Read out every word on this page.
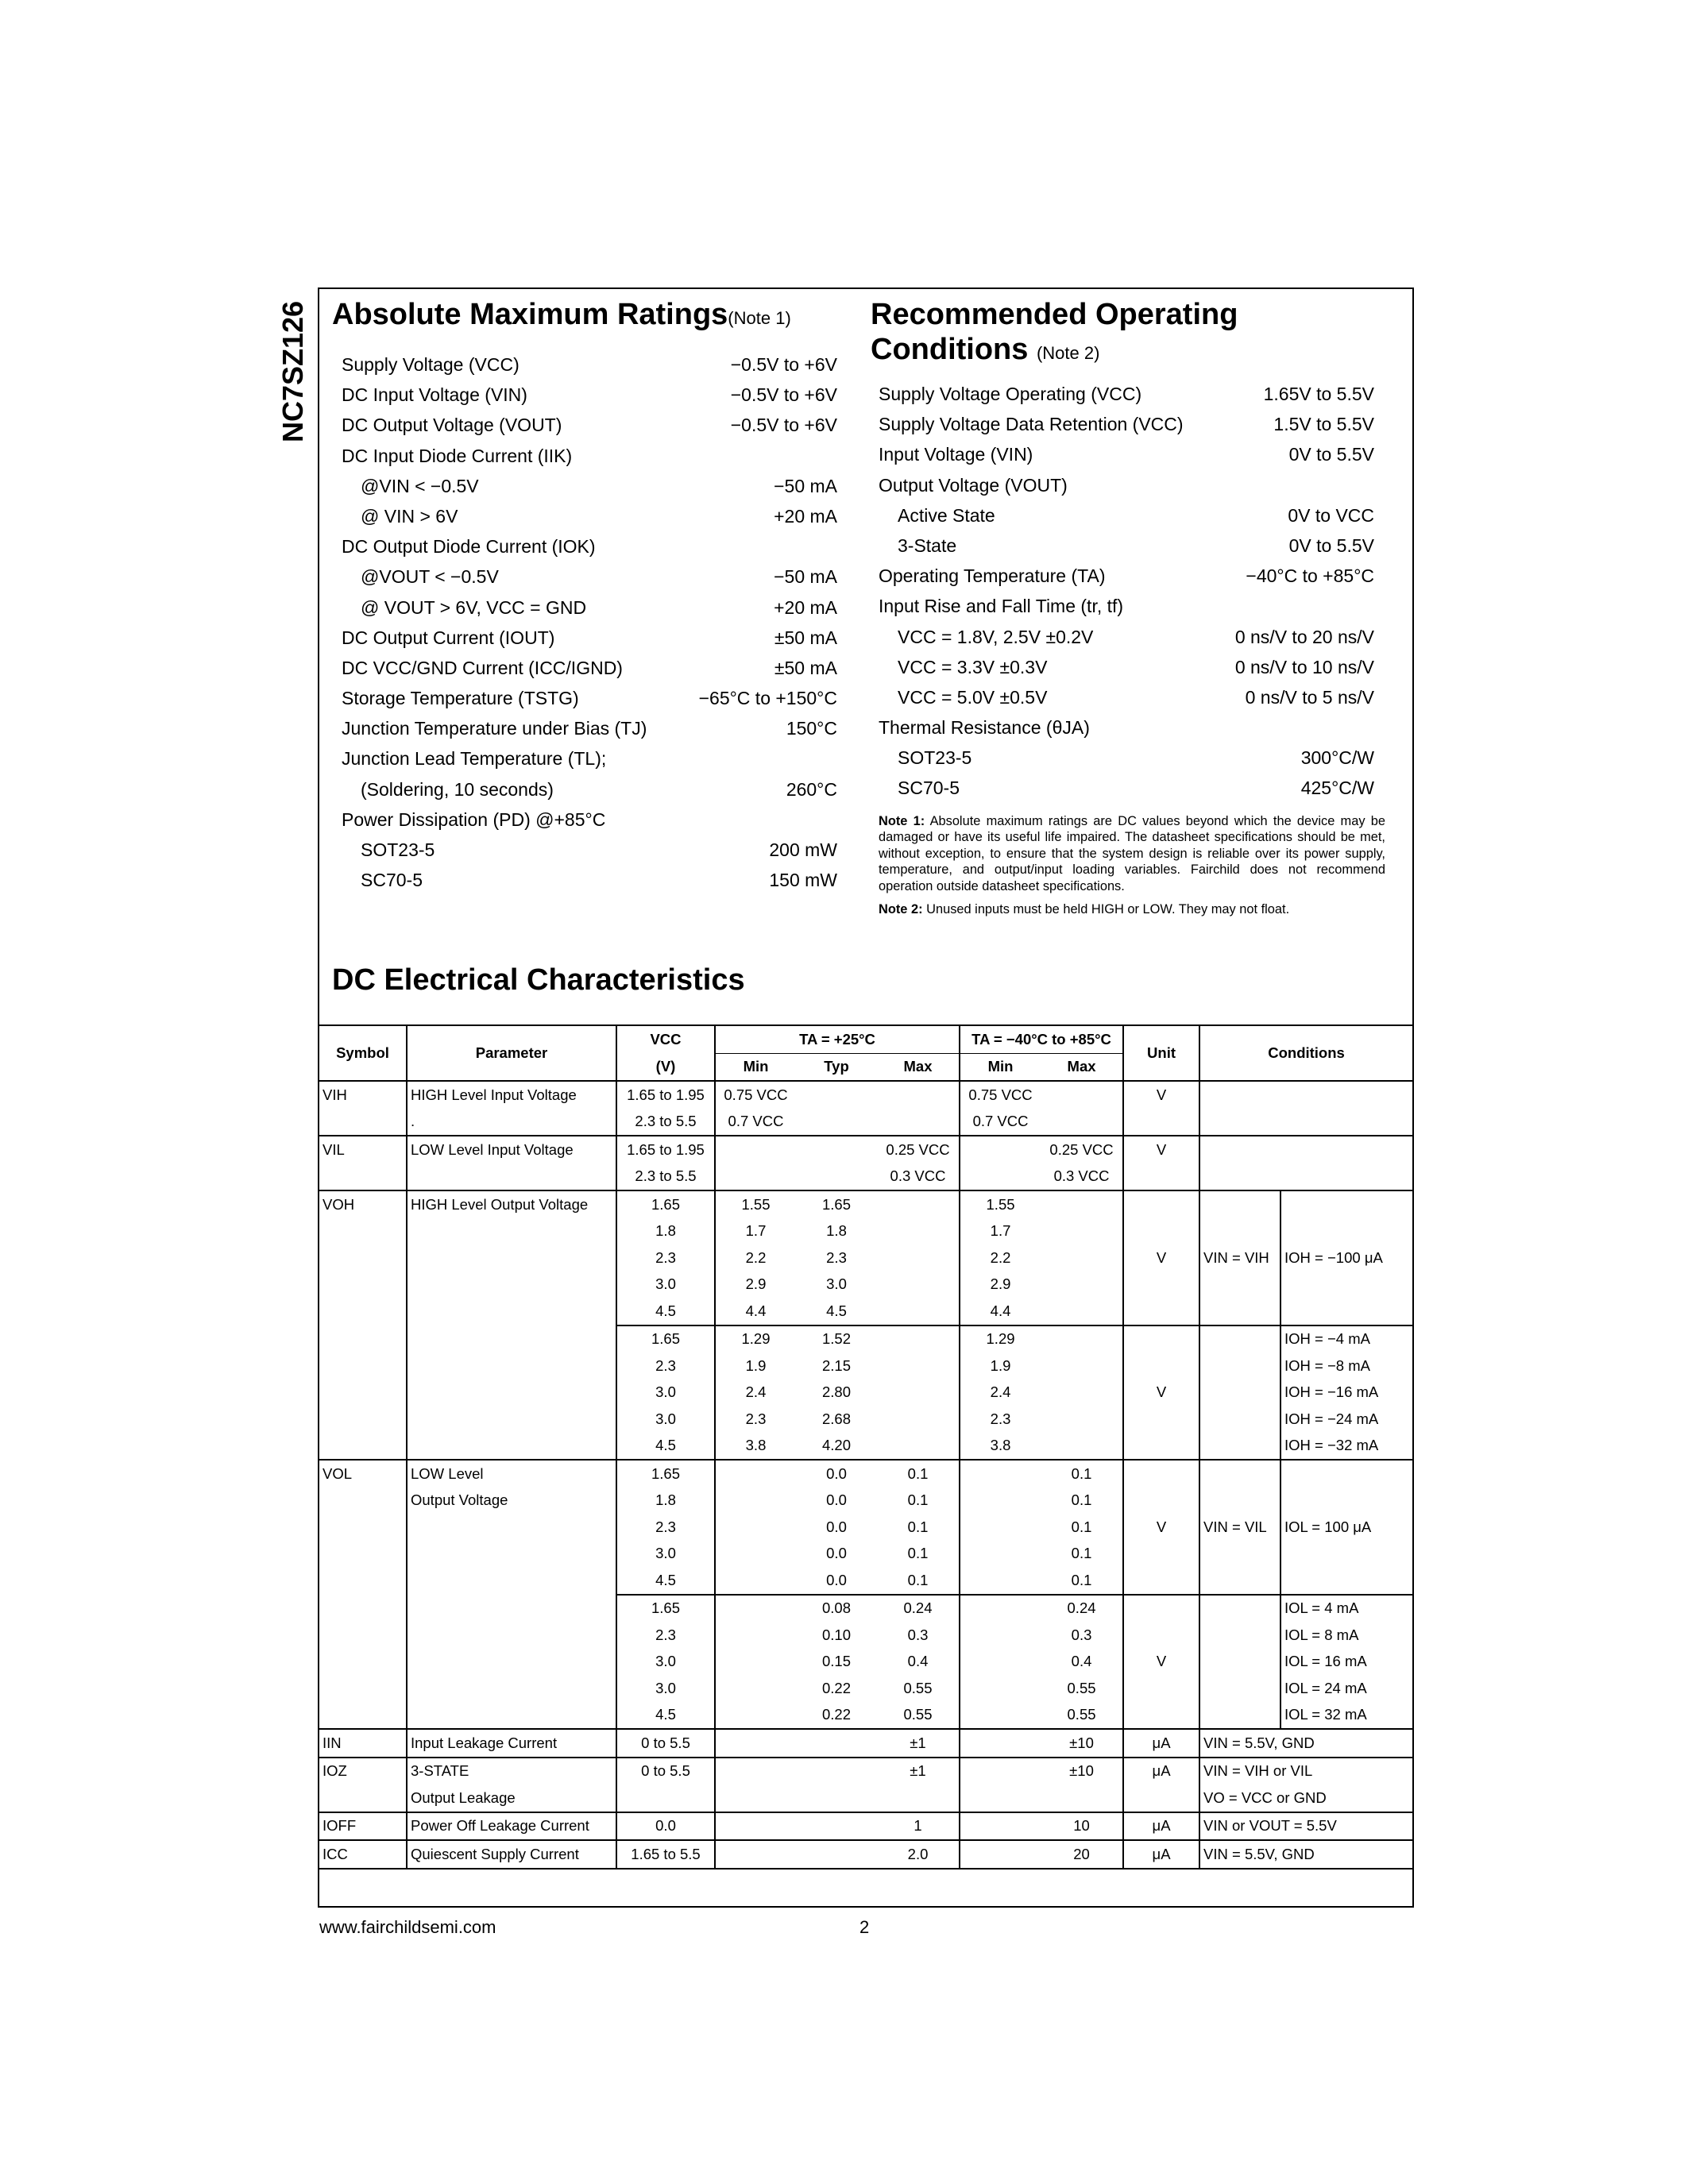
NC7SZ126 Absolute Maximum Ratings(Note 1)	Recommended Operating
Conditions (Note 2)
Supply Voltage (VCC)	−0.5V to +6V
DC Input Voltage (VIN)	−0.5V to +6V
DC Output Voltage (VOUT)	−0.5V to +6V
DC Input Diode Current (IIK)
@VIN < −0.5V	−50 mA
@ VIN > 6V	+20 mA
DC Output Diode Current (IOK)
@VOUT < −0.5V	−50 mA
@ VOUT > 6V, VCC = GND	+20 mA
DC Output Current (IOUT)	±50 mA
DC VCC/GND Current (ICC/IGND)	±50 mA
Storage Temperature (TSTG)	−65°C to +150°C
Junction Temperature under Bias (TJ)	150°C
Junction Lead Temperature (TL);
(Soldering, 10 seconds)	260°C
Power Dissipation (PD) @+85°C
SOT23-5	200 mW
SC70-5	150 mW
Supply Voltage Operating (VCC)	1.65V to 5.5V
Supply Voltage Data Retention (VCC)	1.5V to 5.5V
Input Voltage (VIN)	0V to 5.5V
Output Voltage (VOUT)
Active State	0V to VCC
3-State	0V to 5.5V
Operating Temperature (TA)	−40°C to +85°C
Input Rise and Fall Time (tr, tf)
VCC = 1.8V, 2.5V ±0.2V	0 ns/V to 20 ns/V
VCC = 3.3V ±0.3V	0 ns/V to 10 ns/V
VCC = 5.0V ±0.5V	0 ns/V to 5 ns/V
Thermal Resistance (θJA)
SOT23-5	300°C/W
SC70-5	425°C/W

Note 1: Absolute maximum ratings are DC values beyond which the device may be damaged or have its useful life impaired. The datasheet specifications should be met, without exception, to ensure that the system design is reliable over its power supply, temperature, and output/input loading variables. Fairchild does not recommend operation outside datasheet specifications.

Note 2: Unused inputs must be held HIGH or LOW. They may not float.

DC Electrical Characteristics
Symbol	Parameter	VCC	TA = +25°C			TA = −40°C to +85°C		Unit	Conditions	
		(V)	Min	Typ	Max	Min	Max			
VIH	HIGH Level Input Voltage	1.65 to 1.95	0.75 VCC			0.75 VCC		V		
	.	2.3 to 5.5	0.7 VCC			0.7 VCC				
VIL	LOW Level Input Voltage	1.65 to 1.95			0.25 VCC		0.25 VCC	V		
		2.3 to 5.5			0.3 VCC		0.3 VCC			
VOH	HIGH Level Output Voltage	1.65	1.55	1.65		1.55				
		1.8	1.7	1.8		1.7				
		2.3	2.2	2.3		2.2		V	VIN = VIH	IOH = −100 μA
		3.0	2.9	3.0		2.9				
		4.5	4.4	4.5		4.4				
		1.65	1.29	1.52		1.29				IOH = −4 mA
		2.3	1.9	2.15		1.9				IOH = −8 mA
		3.0	2.4	2.80		2.4		V		IOH = −16 mA
		3.0	2.3	2.68		2.3				IOH = −24 mA
		4.5	3.8	4.20		3.8				IOH = −32 mA
VOL	LOW Level	1.65		0.0	0.1		0.1			
	Output Voltage	1.8		0.0	0.1		0.1			
		2.3		0.0	0.1		0.1	V	VIN = VIL	IOL = 100 μA
		3.0		0.0	0.1		0.1			
		4.5		0.0	0.1		0.1			
		1.65		0.08	0.24		0.24			IOL = 4 mA
		2.3		0.10	0.3		0.3			IOL = 8 mA
		3.0		0.15	0.4		0.4	V		IOL = 16 mA
		3.0		0.22	0.55		0.55			IOL = 24 mA
		4.5		0.22	0.55		0.55			IOL = 32 mA
IIN	Input Leakage Current	0 to 5.5			±1		±10	μA	VIN = 5.5V, GND	
IOZ	3-STATE	0 to 5.5			±1		±10	μA	VIN = VIH or VIL	
	Output Leakage								VO = VCC or GND	
IOFF	Power Off Leakage Current	0.0			1		10	μA	VIN or VOUT = 5.5V	
ICC	Quiescent Supply Current	1.65 to 5.5			2.0		20	μA	VIN = 5.5V, GND	
www.fairchildsemi.com	2
